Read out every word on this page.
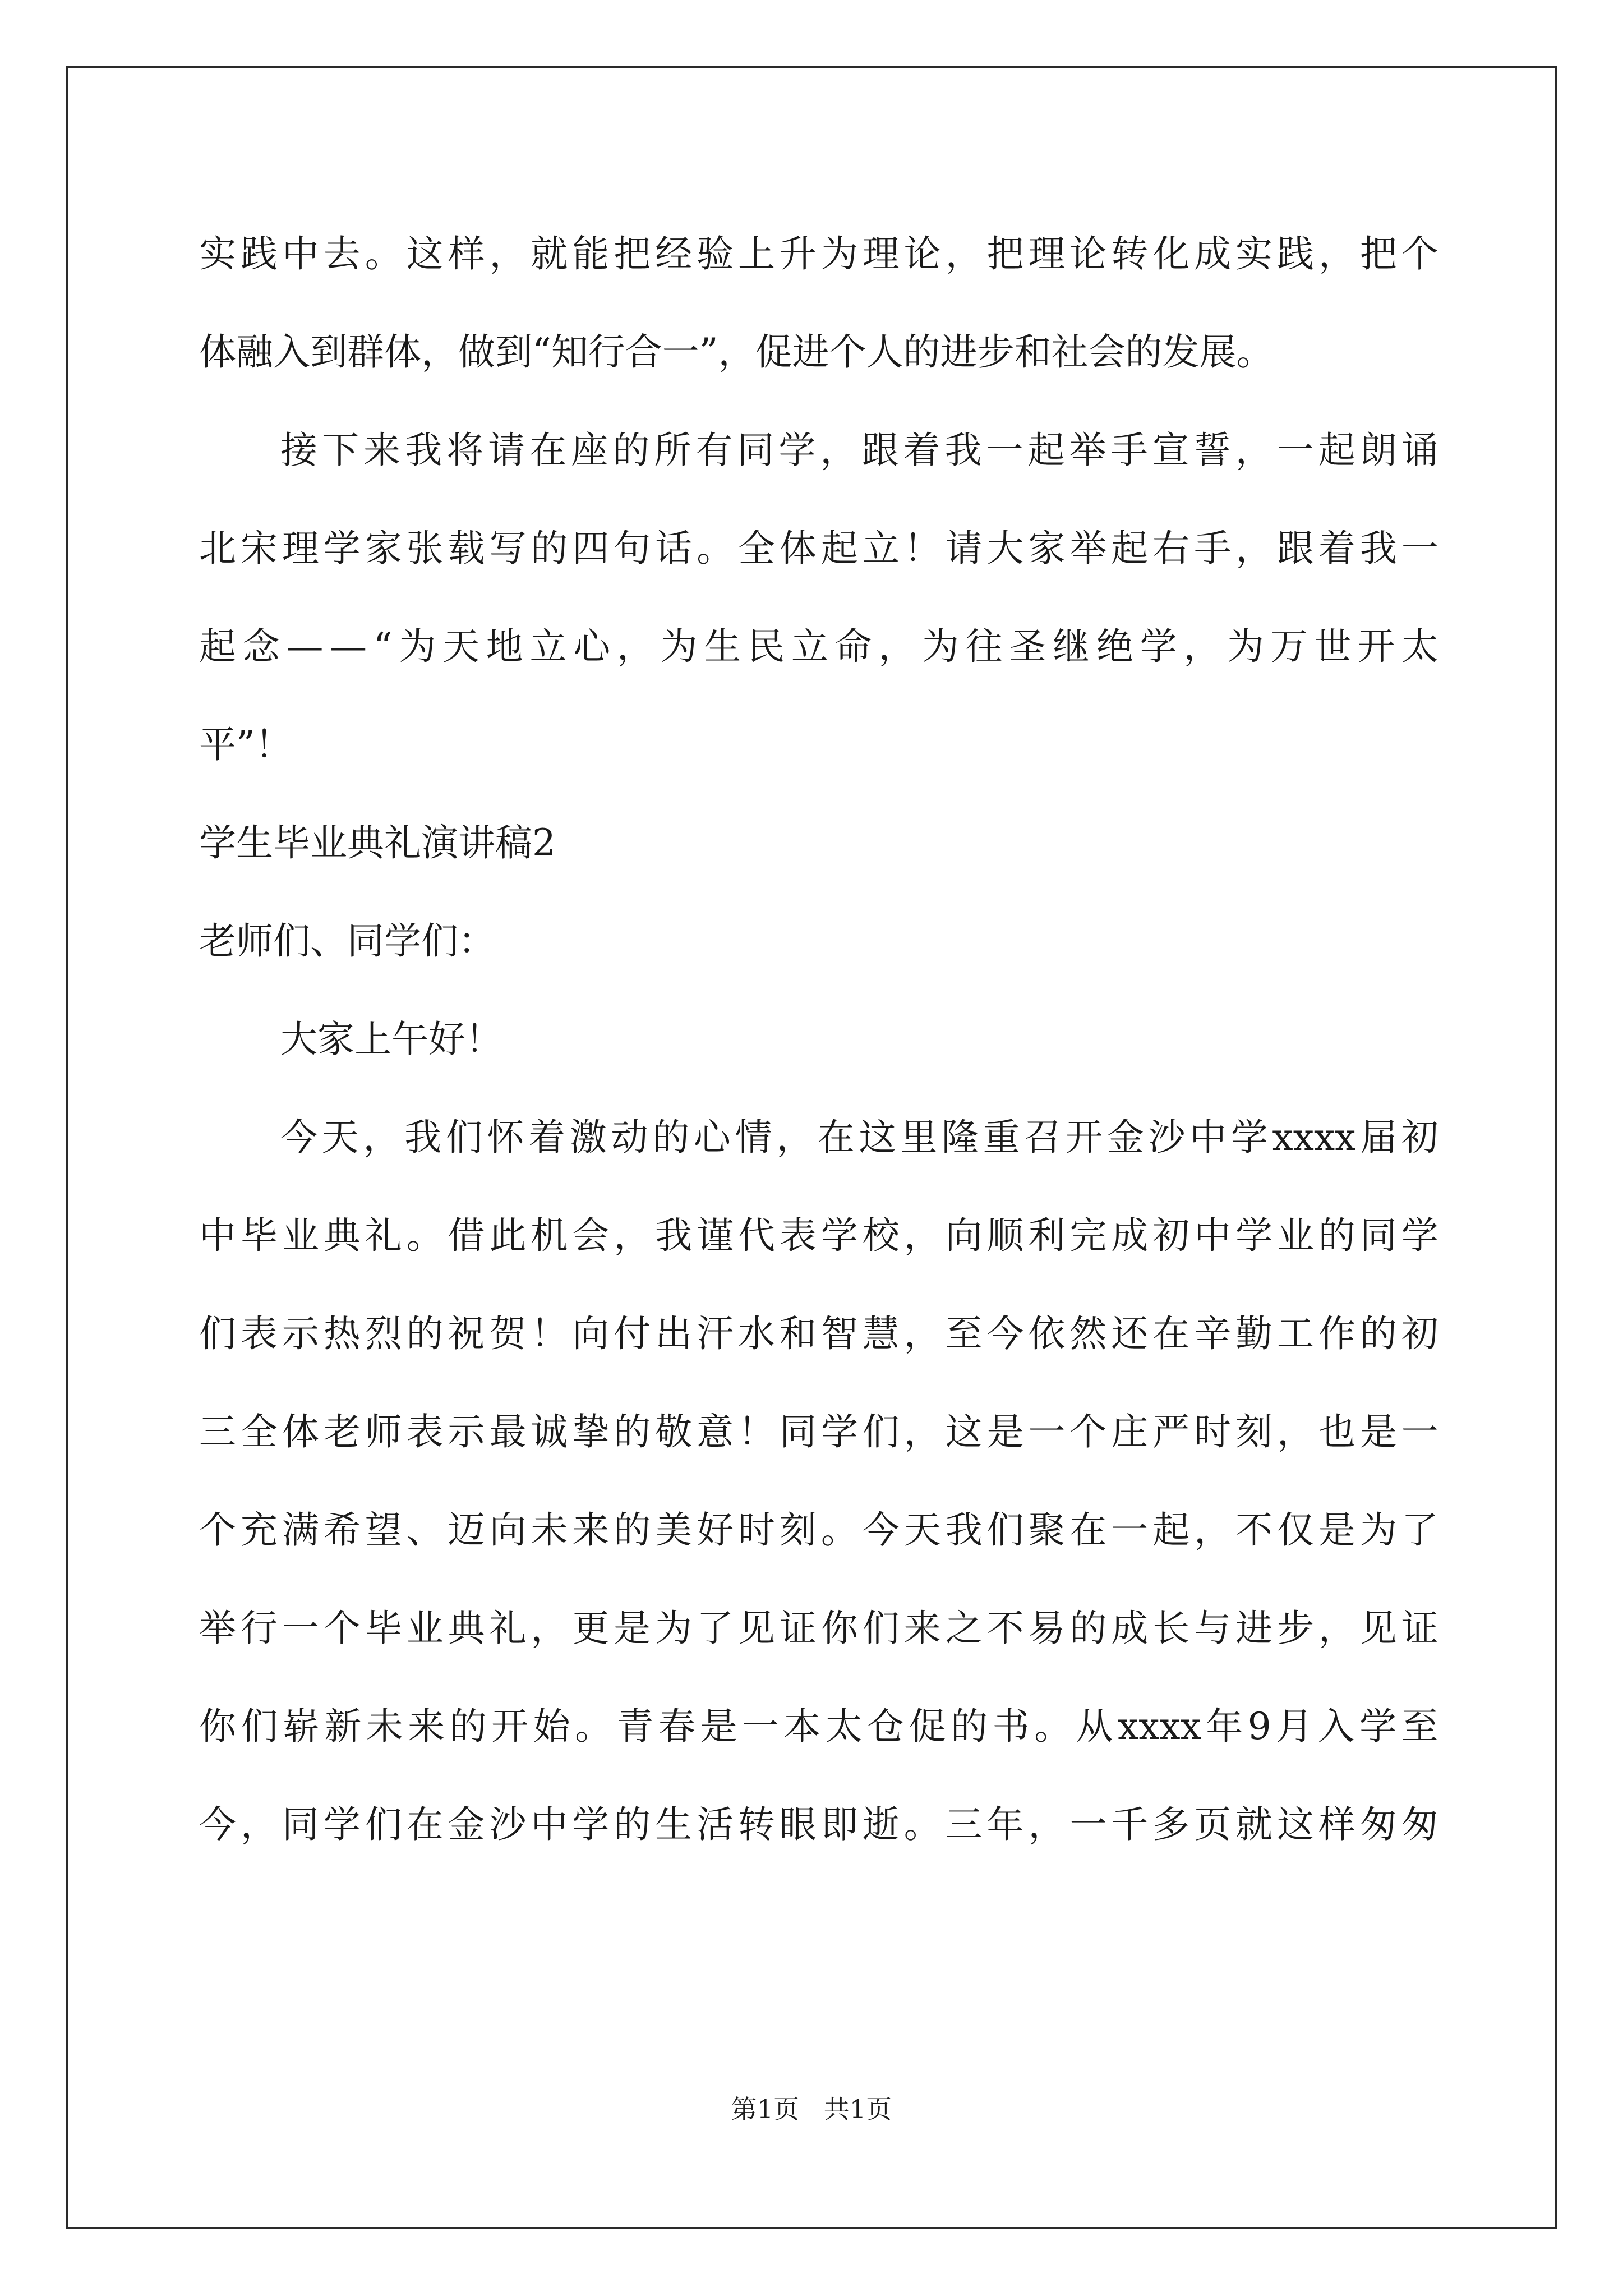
实 践 中 去 。 这 样 ， 就 能 把 经 验 上 升 为 理 论 ， 把 理 论 转 化 成 实 践 ， 把 个
体融入到群体，做到“知行合一”，促进个人的进步和社会的发展。
接 下 来 我 将 请 在 座 的 所 有 同 学 ， 跟 着 我 一 起 举 手 宣 誓 ， 一 起 朗 诵
北 宋 理 学 家 张 载 写 的 四 句 话 。 全 体 起 立 ！ 请 大 家 举 起 右 手 ， 跟 着 我 一
起 念 — — “ 为 天 地 立 心 ， 为 生 民 立 命 ， 为 往 圣 继 绝 学 ， 为 万 世 开 太
平”！
学生毕业典礼演讲稿2
老师们、同学们：
大家上午好！
今 天 ， 我 们 怀 着 激 动 的 心 情 ， 在 这 里 隆 重 召 开 金 沙 中 学 xxxx 届 初
中 毕 业 典 礼 。 借 此 机 会 ， 我 谨 代 表 学 校 ， 向 顺 利 完 成 初 中 学 业 的 同 学
们 表 示 热 烈 的 祝 贺 ！ 向 付 出 汗 水 和 智 慧 ， 至 今 依 然 还 在 辛 勤 工 作 的 初
三 全 体 老 师 表 示 最 诚 挚 的 敬 意 ！ 同 学 们 ， 这 是 一 个 庄 严 时 刻 ， 也 是 一
个 充 满 希 望 、 迈 向 未 来 的 美 好 时 刻 。 今 天 我 们 聚 在 一 起 ， 不 仅 是 为 了
举 行 一 个 毕 业 典 礼 ， 更 是 为 了 见 证 你 们 来 之 不 易 的 成 长 与 进 步 ， 见 证
你 们 崭 新 未 来 的 开 始 。 青 春 是 一 本 太 仓 促 的 书 。 从 xxxx 年 9 月 入 学 至
今 ， 同 学 们 在 金 沙 中 学 的 生 活 转 眼 即 逝 。 三 年 ， 一 千 多 页 就 这 样 匆 匆
第1页   共1页
